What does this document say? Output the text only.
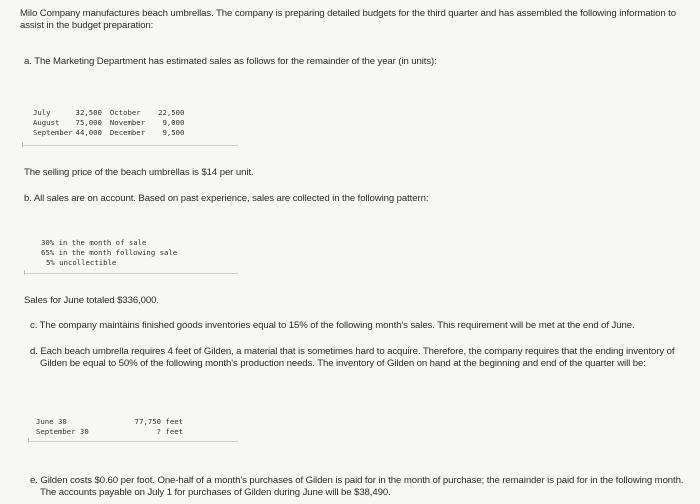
Milo Company manufactures beach umbrellas. The company is preparing detailed budgets for the third quarter and has assembled the following information to assist in the budget preparation:
a. The Marketing Department has estimated sales as follows for the remainder of the year (in units):
July	32,500	October	22,500
August	75,000	November	9,000
September	44,000	December	9,500
The selling price of the beach umbrellas is $14 per unit.
b. All sales are on account. Based on past experience, sales are collected in the following pattern:
30% in the month of sale
65% in the month following sale
5% uncollectible
Sales for June totaled $336,000.
c. The company maintains finished goods inventories equal to 15% of the following month's sales. This requirement will be met at the end of June.
d. Each beach umbrella requires 4 feet of Gilden, a material that is sometimes hard to acquire. Therefore, the company requires that the ending inventory of Gilden be equal to 50% of the following month's production needs. The inventory of Gilden on hand at the beginning and end of the quarter will be:
June 30	77,750 feet
September 30	? feet
e. Gilden costs $0.60 per foot. One-half of a month's purchases of Gilden is paid for in the month of purchase; the remainder is paid for in the following month. The accounts payable on July 1 for purchases of Gilden during June will be $38,490.
